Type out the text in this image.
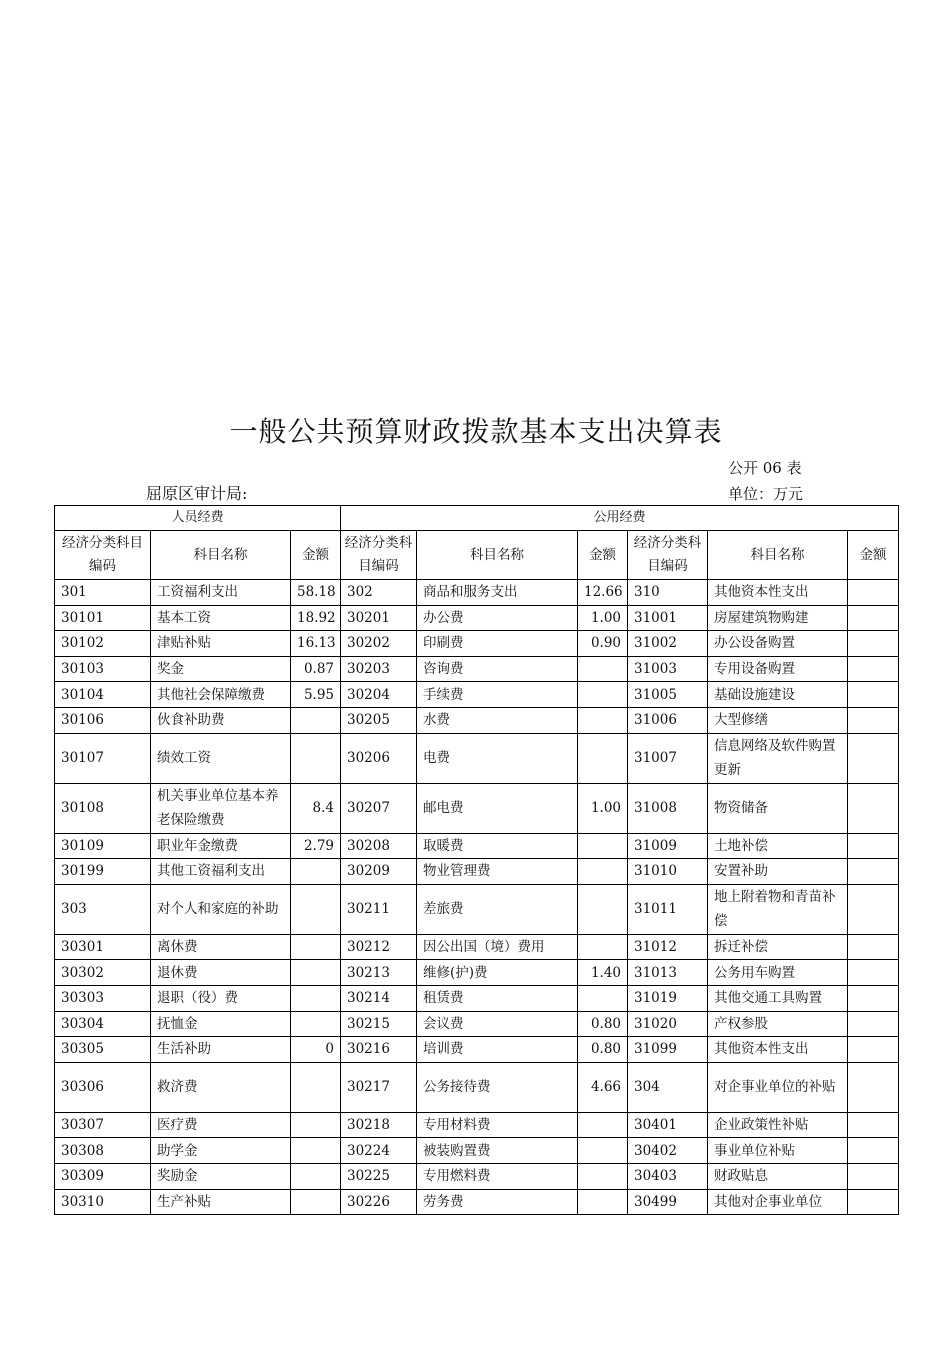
一般公共预算财政拨款基本支出决算表
公开 06 表
屈原区审计局:	单位：万元
人员经费			公用经费					
经济分类科目编码	科目名称	金额	经济分类科目编码	科目名称	金额	经济分类科目编码	科目名称	金额
301	工资福利支出	58.18	302	商品和服务支出	12.66	310	其他资本性支出	
30101	基本工资	18.92	30201	办公费	1.00	31001	房屋建筑物购建	
30102	津贴补贴	16.13	30202	印刷费	0.90	31002	办公设备购置	
30103	奖金	0.87	30203	咨询费		31003	专用设备购置	
30104	其他社会保障缴费	5.95	30204	手续费		31005	基础设施建设	
30106	伙食补助费		30205	水费		31006	大型修缮	
30107	绩效工资		30206	电费		31007	信息网络及软件购置更新	
30108	机关事业单位基本养老保险缴费	8.4	30207	邮电费	1.00	31008	物资储备	
30109	职业年金缴费	2.79	30208	取暖费		31009	土地补偿	
30199	其他工资福利支出		30209	物业管理费		31010	安置补助	
303	对个人和家庭的补助		30211	差旅费		31011	地上附着物和青苗补偿	
30301	离休费		30212	因公出国（境）费用		31012	拆迁补偿	
30302	退休费		30213	维修(护)费	1.40	31013	公务用车购置	
30303	退职（役）费		30214	租赁费		31019	其他交通工具购置	
30304	抚恤金		30215	会议费	0.80	31020	产权参股	
30305	生活补助	0	30216	培训费	0.80	31099	其他资本性支出	
30306	救济费		30217	公务接待费	4.66	304	对企事业单位的补贴	
30307	医疗费		30218	专用材料费		30401	企业政策性补贴	
30308	助学金		30224	被装购置费		30402	事业单位补贴	
30309	奖励金		30225	专用燃料费		30403	财政贴息	
30310	生产补贴		30226	劳务费		30499	其他对企事业单位	
